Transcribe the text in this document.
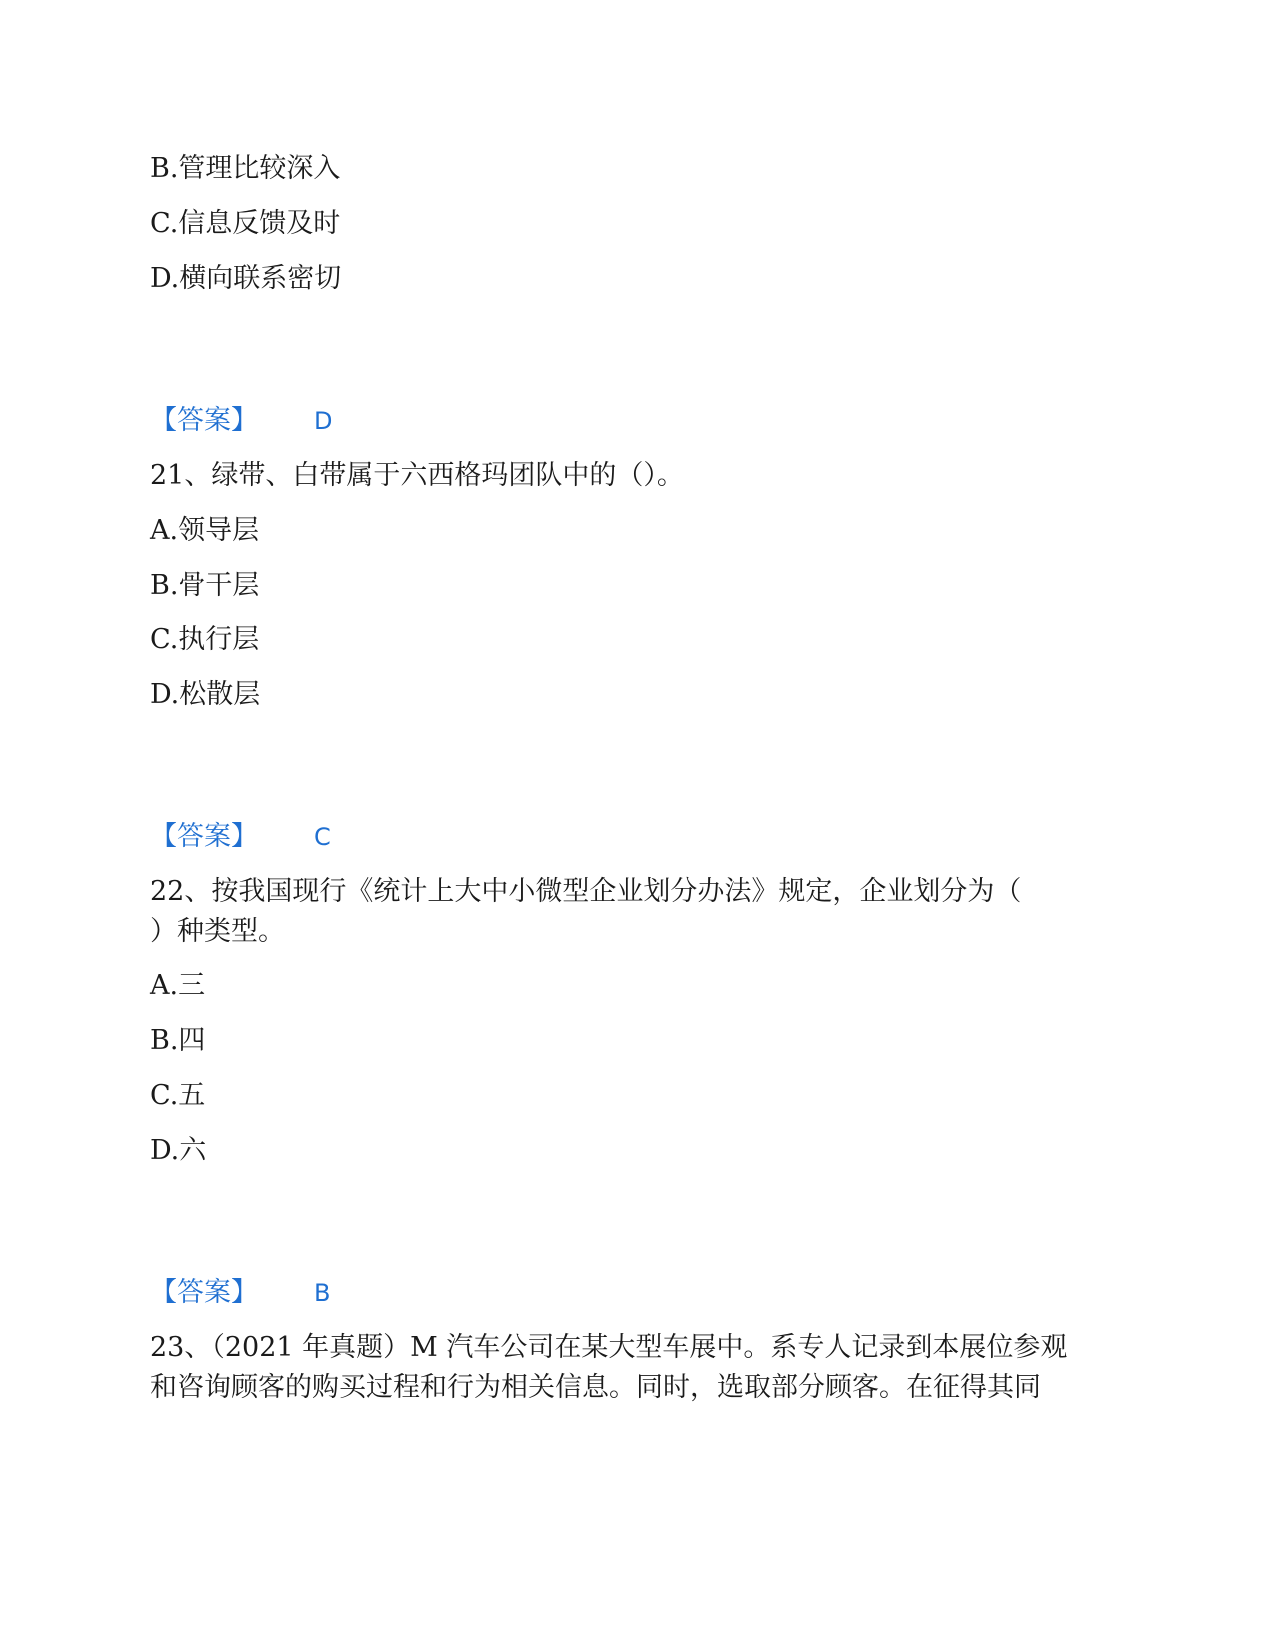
B.管理比较深入
C.信息反馈及时
D.横向联系密切
【答案】 D
21、绿带、白带属于六西格玛团队中的（）。
A.领导层
B.骨干层
C.执行层
D.松散层
【答案】 C
22、按我国现行《统计上大中小微型企业划分办法》规定，企业划分为（
）种类型。
A.三
B.四
C.五
D.六
【答案】 B
23、（2021 年真题）M 汽车公司在某大型车展中。系专人记录到本展位参观
和咨询顾客的购买过程和行为相关信息。同时，选取部分顾客。在征得其同
